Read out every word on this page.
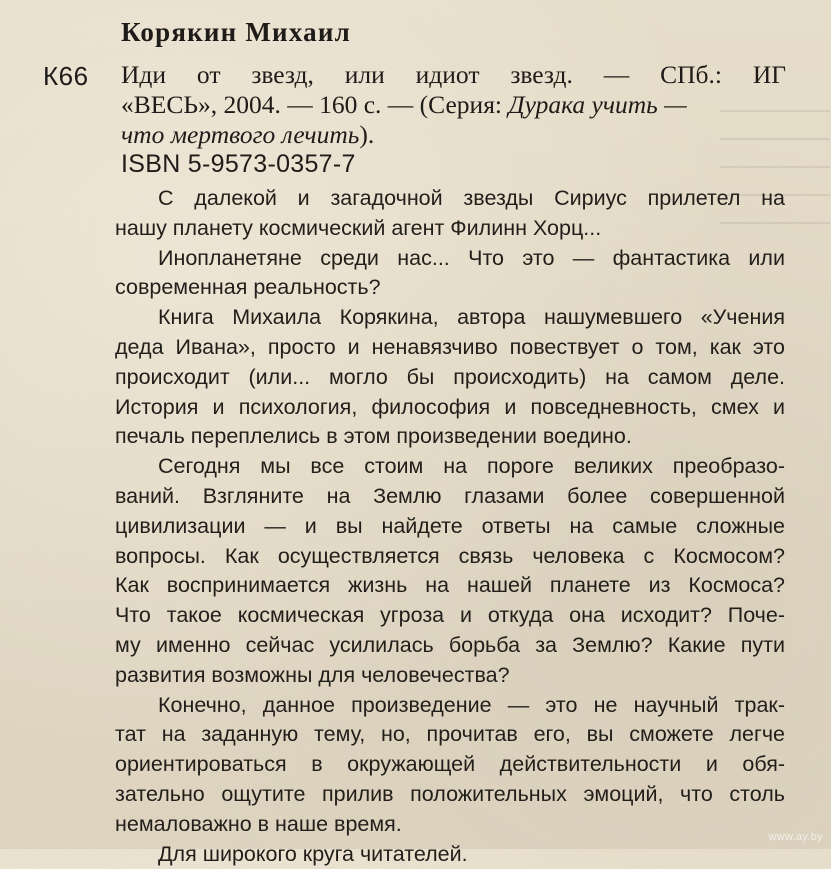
Корякин Михаил
К66 Иди от звезд, или идиот звезд. — СПб.: ИГ
«ВЕСЬ», 2004. — 160 с. — (Серия: Дурака учить —
что мертвого лечить).
ISBN 5-9573-0357-7
С далекой и загадочной звезды Сириус прилетел на
нашу планету космический агент Филинн Хорц...
Инопланетяне среди нас... Что это — фантастика или
современная реальность?
Книга Михаила Корякина, автора нашумевшего «Учения
деда Ивана», просто и ненавязчиво повествует о том, как это
происходит (или... могло бы происходить) на самом деле.
История и психология, философия и повседневность, смех и
печаль переплелись в этом произведении воедино.
Сегодня мы все стоим на пороге великих преобразо-
ваний. Взгляните на Землю глазами более совершенной
цивилизации — и вы найдете ответы на самые сложные
вопросы. Как осуществляется связь человека с Космосом?
Как воспринимается жизнь на нашей планете из Космоса?
Что такое космическая угроза и откуда она исходит? Поче-
му именно сейчас усилилась борьба за Землю? Какие пути
развития возможны для человечества?
Конечно, данное произведение — это не научный трак-
тат на заданную тему, но, прочитав его, вы сможете легче
ориентироваться в окружающей действительности и обя-
зательно ощутите прилив положительных эмоций, что столь
немаловажно в наше время.
Для широкого круга читателей.
www.ay.by
